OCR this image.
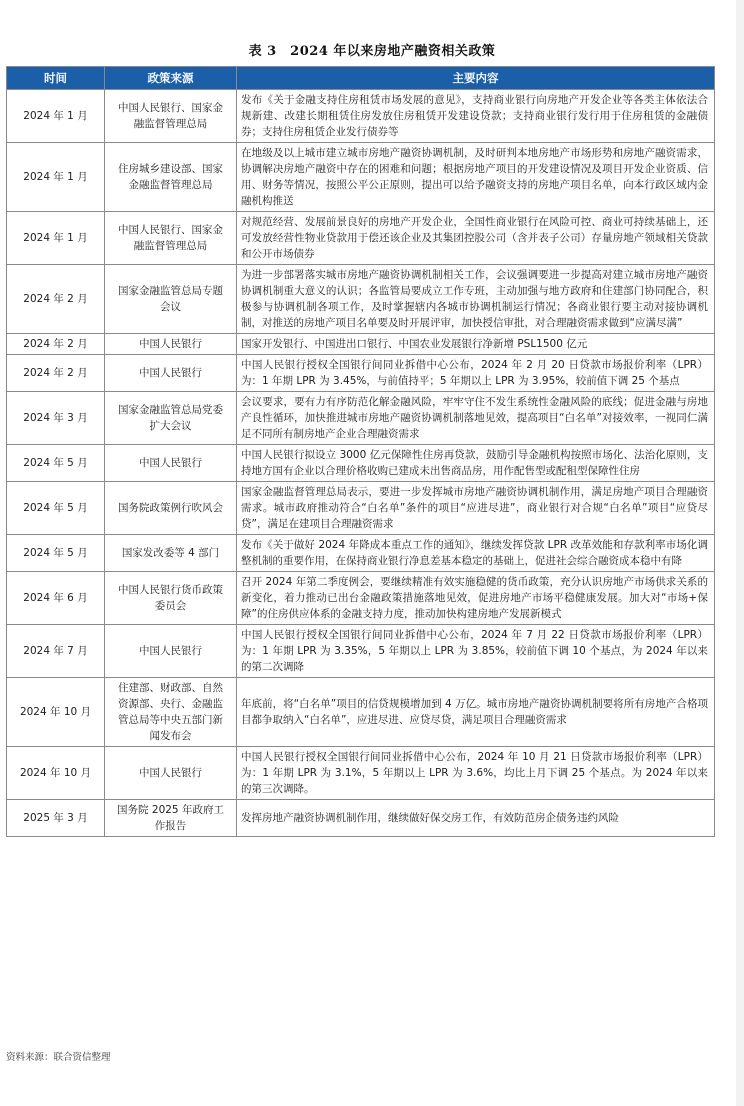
表 3　2024 年以来房地产融资相关政策
时间	政策来源	主要内容
2024 年 1 月	中国人民银行、国家金融监督管理总局	发布《关于金融支持住房租赁市场发展的意见》，支持商业银行向房地产开发企业等各类主体依法合规新建、改建长期租赁住房发放住房租赁开发建设贷款；支持商业银行发行用于住房租赁的金融债券；支持住房租赁企业发行债券等
2024 年 1 月	住房城乡建设部、国家金融监督管理总局	在地级及以上城市建立城市房地产融资协调机制，及时研判本地房地产市场形势和房地产融资需求，协调解决房地产融资中存在的困难和问题；根据房地产项目的开发建设情况及项目开发企业资质、信用、财务等情况，按照公平公正原则，提出可以给予融资支持的房地产项目名单，向本行政区域内金融机构推送
2024 年 1 月	中国人民银行、国家金融监督管理总局	对规范经营、发展前景良好的房地产开发企业，全国性商业银行在风险可控、商业可持续基础上，还可发放经营性物业贷款用于偿还该企业及其集团控股公司（含并表子公司）存量房地产领域相关贷款和公开市场债券
2024 年 2 月	国家金融监管总局专题会议	为进一步部署落实城市房地产融资协调机制相关工作，会议强调要进一步提高对建立城市房地产融资协调机制重大意义的认识；各监管局要成立工作专班，主动加强与地方政府和住建部门协同配合，积极参与协调机制各项工作，及时掌握辖内各城市协调机制运行情况；各商业银行要主动对接协调机制，对推送的房地产项目名单要及时开展评审，加快授信审批，对合理融资需求做到“应满尽满”
2024 年 2 月	中国人民银行	国家开发银行、中国进出口银行、中国农业发展银行净新增 PSL1500 亿元
2024 年 2 月	中国人民银行	中国人民银行授权全国银行间同业拆借中心公布，2024 年 2 月 20 日贷款市场报价利率（LPR）为：1 年期 LPR 为 3.45%，与前值持平；5 年期以上 LPR 为 3.95%，较前值下调 25 个基点
2024 年 3 月	国家金融监管总局党委扩大会议	会议要求，要有力有序防范化解金融风险，牢牢守住不发生系统性金融风险的底线；促进金融与房地产良性循环，加快推进城市房地产融资协调机制落地见效，提高项目“白名单”对接效率，一视同仁满足不同所有制房地产企业合理融资需求
2024 年 5 月	中国人民银行	中国人民银行拟设立 3000 亿元保障性住房再贷款，鼓励引导金融机构按照市场化、法治化原则，支持地方国有企业以合理价格收购已建成未出售商品房，用作配售型或配租型保障性住房
2024 年 5 月	国务院政策例行吹风会	国家金融监督管理总局表示，要进一步发挥城市房地产融资协调机制作用，满足房地产项目合理融资需求。城市政府推动符合“白名单”条件的项目“应进尽进”，商业银行对合规“白名单”项目“应贷尽贷”，满足在建项目合理融资需求
2024 年 5 月	国家发改委等 4 部门	发布《关于做好 2024 年降成本重点工作的通知》，继续发挥贷款 LPR 改革效能和存款利率市场化调整机制的重要作用，在保持商业银行净息差基本稳定的基础上，促进社会综合融资成本稳中有降
2024 年 6 月	中国人民银行货币政策委员会	召开 2024 年第二季度例会，要继续精准有效实施稳健的货币政策，充分认识房地产市场供求关系的新变化，着力推动已出台金融政策措施落地见效，促进房地产市场平稳健康发展。加大对“市场+保障”的住房供应体系的金融支持力度，推动加快构建房地产发展新模式
2024 年 7 月	中国人民银行	中国人民银行授权全国银行间同业拆借中心公布，2024 年 7 月 22 日贷款市场报价利率（LPR）为：1 年期 LPR 为 3.35%，5 年期以上 LPR 为 3.85%，较前值下调 10 个基点，为 2024 年以来的第二次调降
2024 年 10 月	住建部、财政部、自然资源部、央行、金融监管总局等中央五部门新闻发布会	年底前，将“白名单”项目的信贷规模增加到 4 万亿。城市房地产融资协调机制要将所有房地产合格项目都争取纳入“白名单”，应进尽进、应贷尽贷，满足项目合理融资需求
2024 年 10 月	中国人民银行	中国人民银行授权全国银行间同业拆借中心公布，2024 年 10 月 21 日贷款市场报价利率（LPR）为：1 年期 LPR 为 3.1%，5 年期以上 LPR 为 3.6%，均比上月下调 25 个基点。为 2024 年以来的第三次调降。
2025 年 3 月	国务院 2025 年政府工作报告	发挥房地产融资协调机制作用，继续做好保交房工作，有效防范房企债务违约风险
资料来源：联合资信整理
